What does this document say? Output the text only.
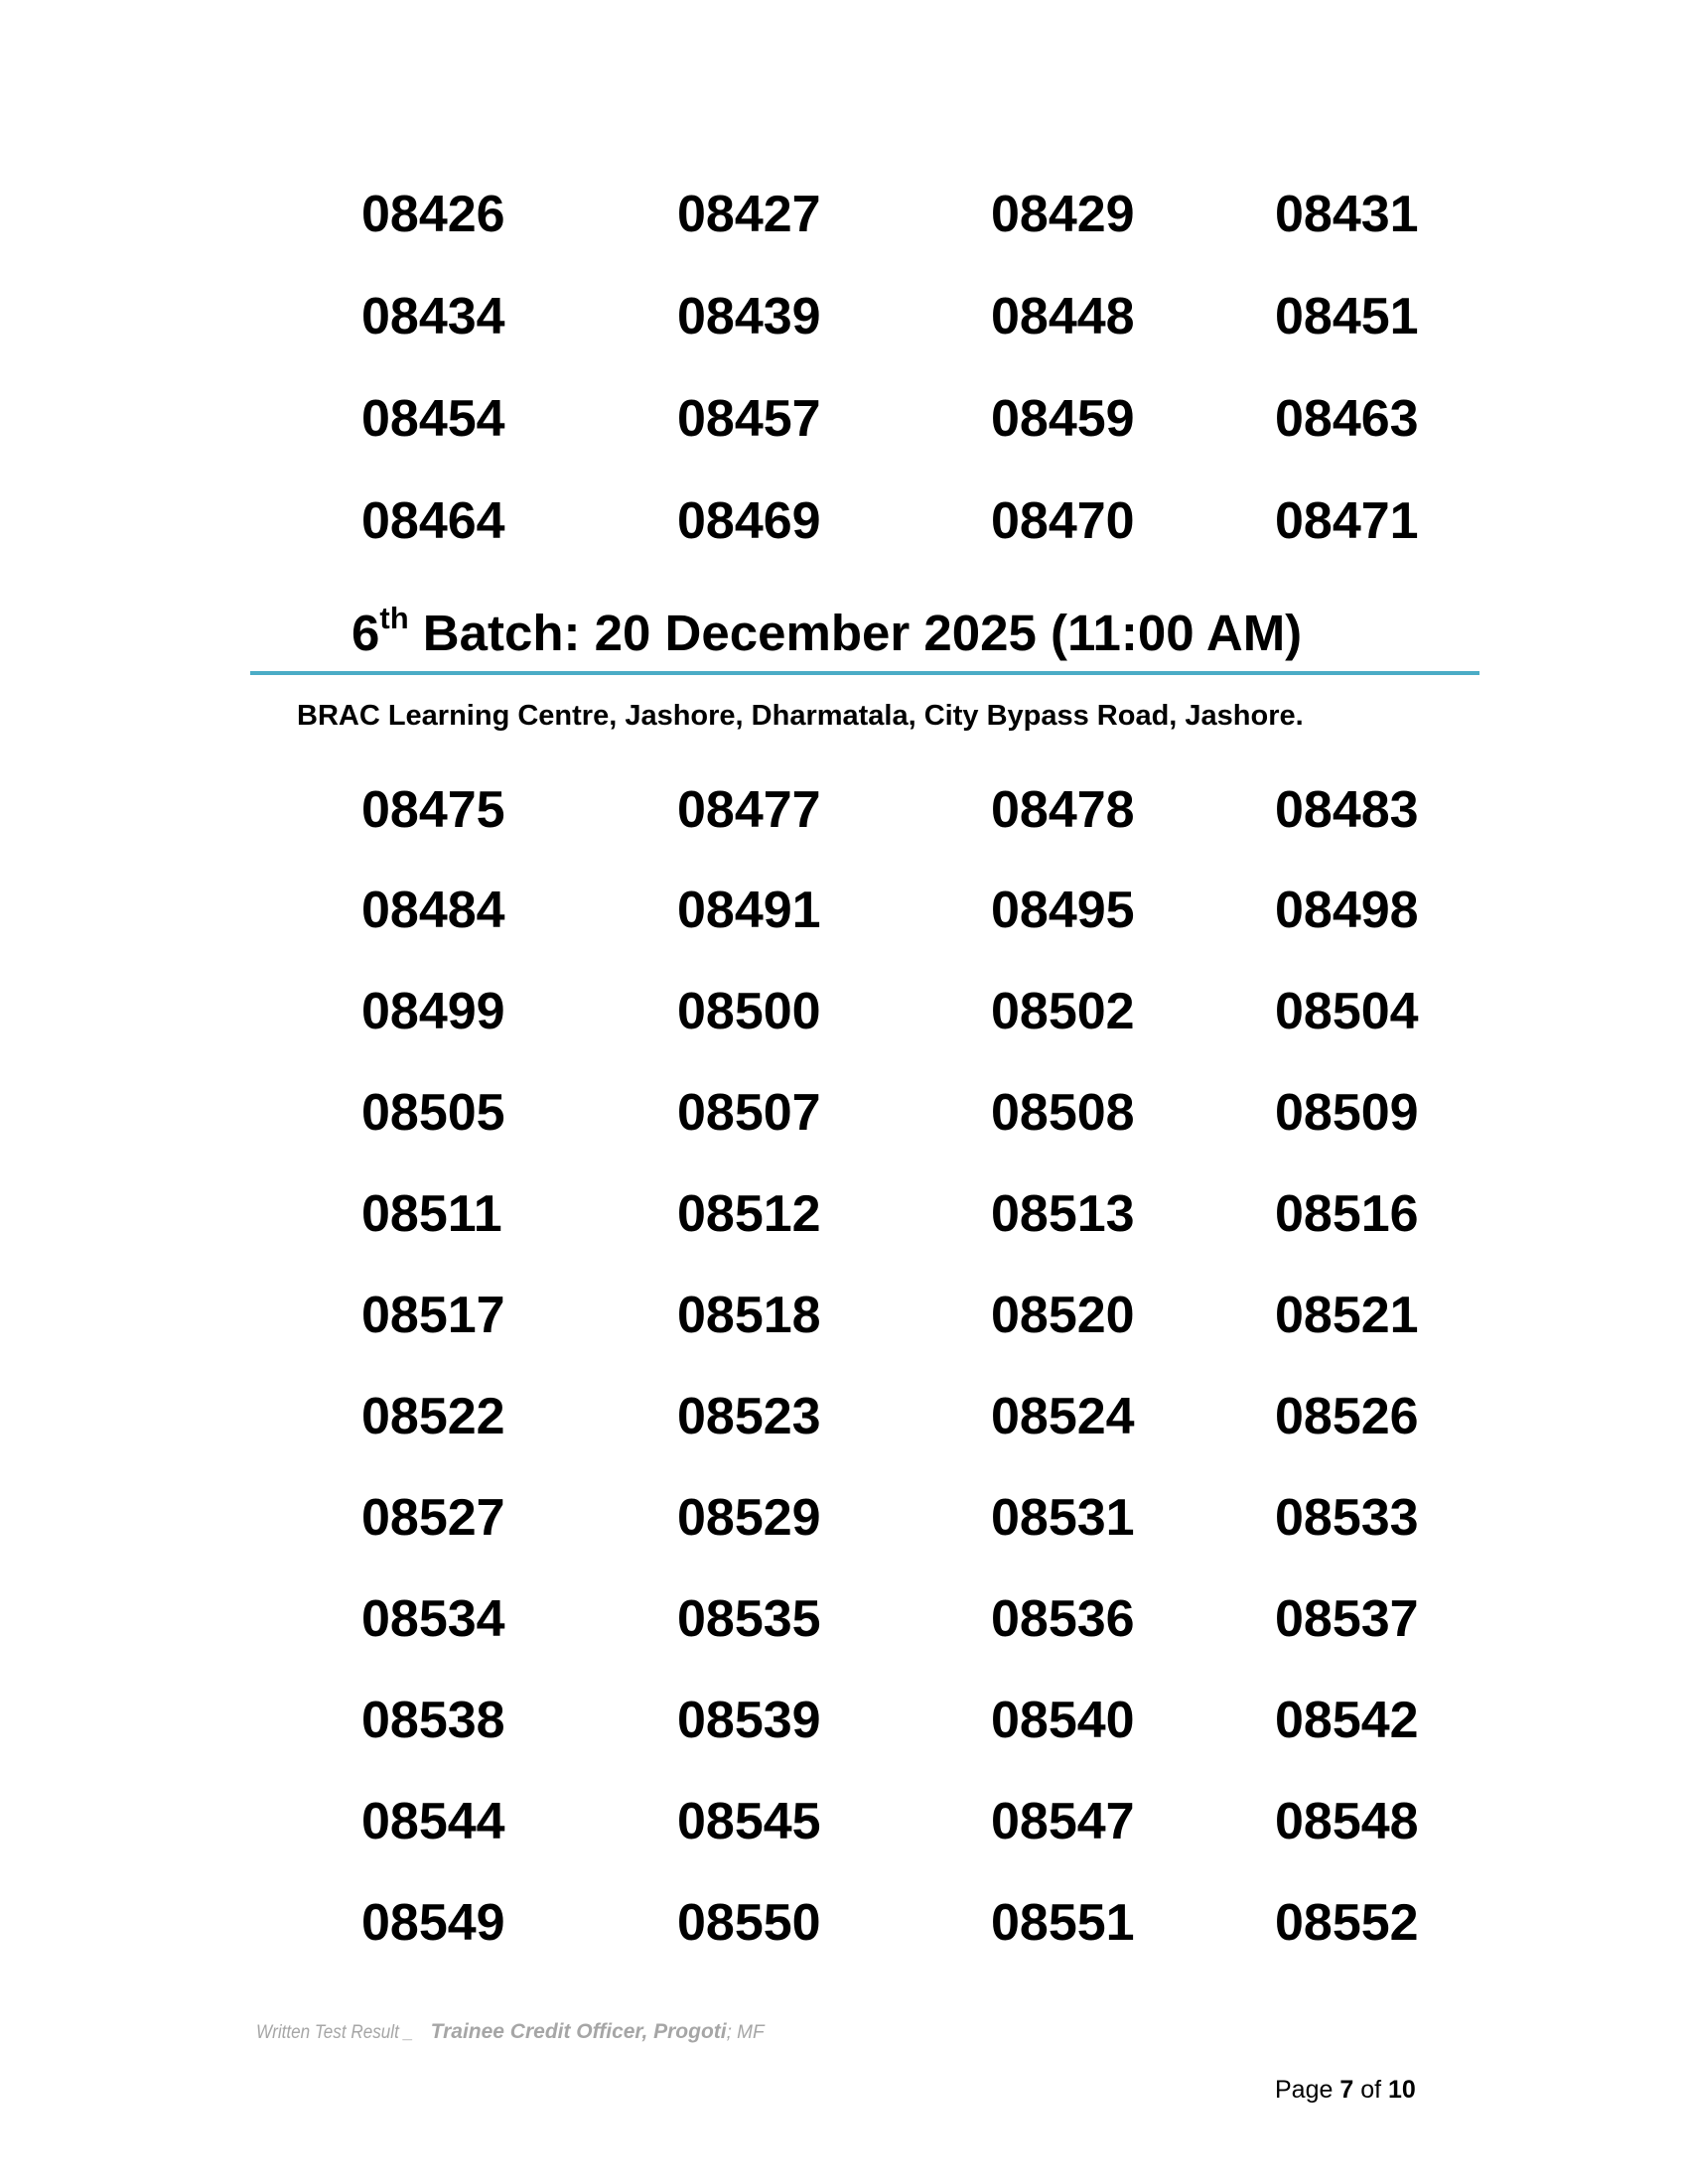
08426	08427	08429	08431
08434	08439	08448	08451
08454	08457	08459	08463
08464	08469	08470	08471
6th Batch: 20 December 2025 (11:00 AM)
BRAC Learning Centre, Jashore, Dharmatala, City Bypass Road, Jashore.
08475	08477	08478	08483
08484	08491	08495	08498
08499	08500	08502	08504
08505	08507	08508	08509
08511	08512	08513	08516
08517	08518	08520	08521
08522	08523	08524	08526
08527	08529	08531	08533
08534	08535	08536	08537
08538	08539	08540	08542
08544	08545	08547	08548
08549	08550	08551	08552
Written Test Result _ Trainee Credit Officer, Progoti; MF
Page 7 of 10
